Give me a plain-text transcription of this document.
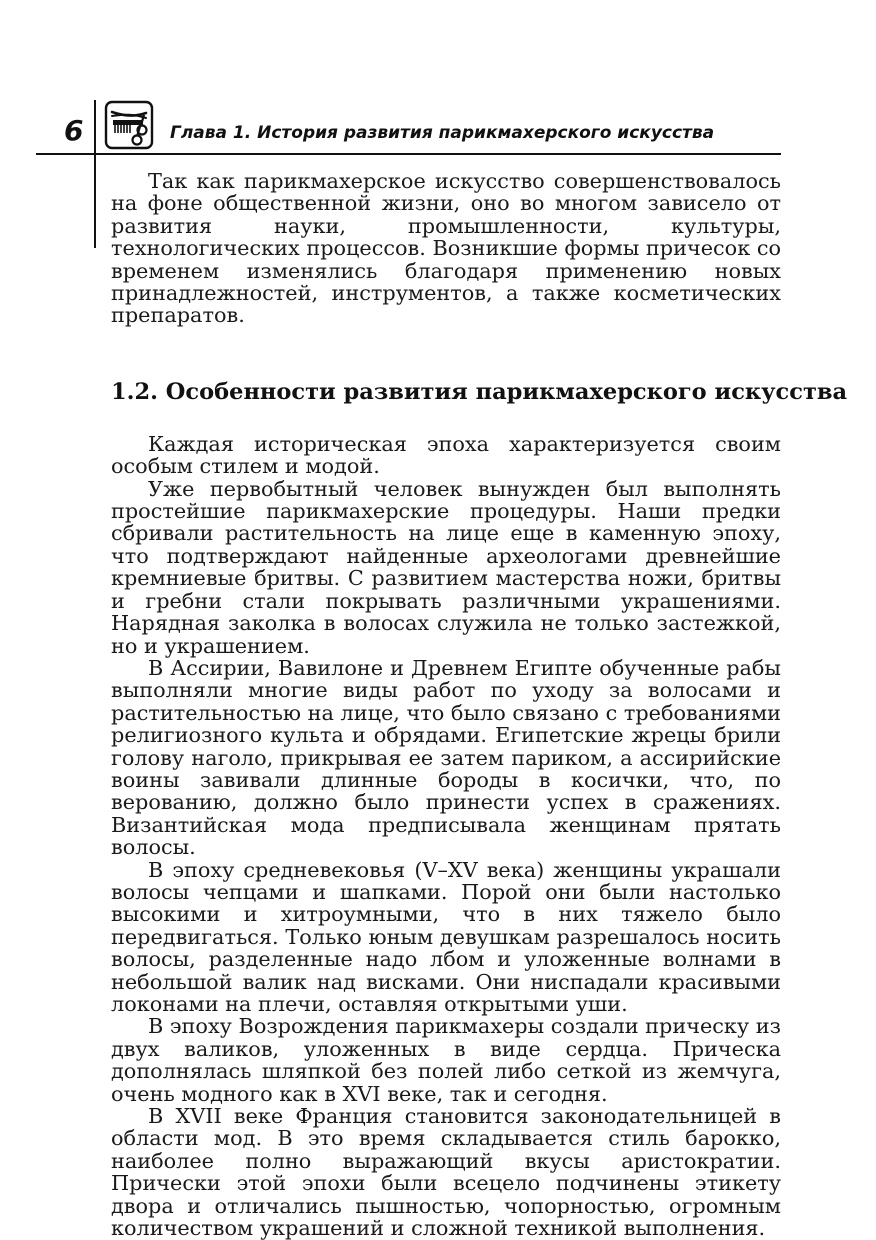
6	Глава 1. История развития парикмахерского искусства

Так как парикмахерское искусство совершенствовалось на фоне общественной жизни, оно во многом зависело от развития науки, промышленности, культуры, технологических процессов. Возникшие формы причесок со временем изменялись благодаря применению новых принадлежностей, инструментов, а также косметических препаратов.

1.2. Особенности развития парикмахерского искусства

Каждая историческая эпоха характеризуется своим особым стилем и модой.

Уже первобытный человек вынужден был выполнять простейшие парикмахерские процедуры. Наши предки сбривали растительность на лице еще в каменную эпоху, что подтверждают найденные археологами древнейшие кремниевые бритвы. С развитием мастерства ножи, бритвы и гребни стали покрывать различными украшениями. Нарядная заколка в волосах служила не только застежкой, но и украшением.

В Ассирии, Вавилоне и Древнем Египте обученные рабы выполняли многие виды работ по уходу за волосами и растительностью на лице, что было связано с требованиями религиозного культа и обрядами. Египетские жрецы брили голову наголо, прикрывая ее затем париком, а ассирийские воины завивали длинные бороды в косички, что, по верованию, должно было принести успех в сражениях. Византийская мода предписывала женщинам прятать волосы.

В эпоху средневековья (V–XV века) женщины украшали волосы чепцами и шапками. Порой они были настолько высокими и хитроумными, что в них тяжело было передвигаться. Только юным девушкам разрешалось носить волосы, разделенные надо лбом и уложенные волнами в небольшой валик над висками. Они ниспадали красивыми локонами на плечи, оставляя открытыми уши.

В эпоху Возрождения парикмахеры создали прическу из двух валиков, уложенных в виде сердца. Прическа дополнялась шляпкой без полей либо сеткой из жемчуга, очень модного как в XVI веке, так и сегодня.

В XVII веке Франция становится законодательницей в области мод. В это время складывается стиль барокко, наиболее полно выражающий вкусы аристократии. Прически этой эпохи были всецело подчинены этикету двора и отличались пышностью, чопорностью, огромным количеством украшений и сложной техникой выполнения.
